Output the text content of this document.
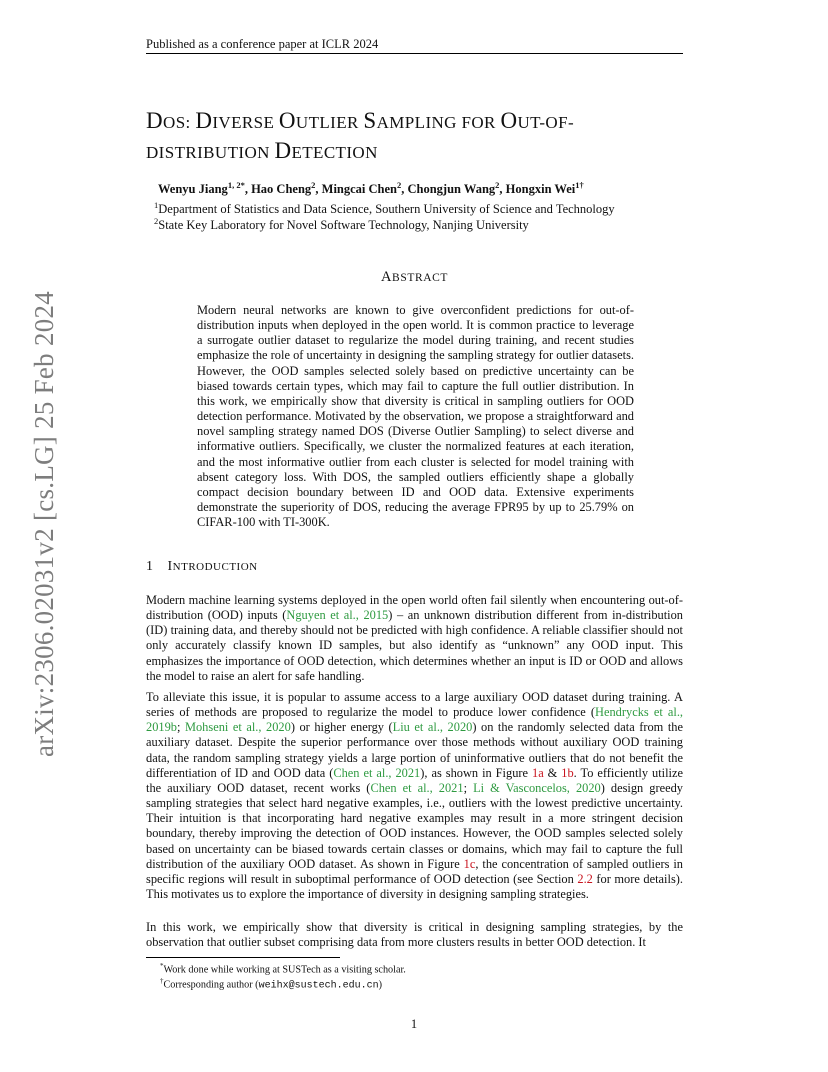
Published as a conference paper at ICLR 2024
arXiv:2306.02031v2 [cs.LG] 25 Feb 2024
DOS: DIVERSE OUTLIER SAMPLING FOR OUT-OF-
DISTRIBUTION DETECTION
Wenyu Jiang$^{1, 2*}$, Hao Cheng$^2$, Mingcai Chen$^2$, Chongjun Wang$^2$, Hongxin Wei$^{1\dagger}$
$^1$Department of Statistics and Data Science, Southern University of Science and Technology
$^2$State Key Laboratory for Novel Software Technology, Nanjing University
ABSTRACT

Modern neural networks are known to give overconfident predictions for out-of-distribution inputs when deployed in the open world. It is common practice to leverage a surrogate outlier dataset to regularize the model during training, and recent studies emphasize the role of uncertainty in designing the sampling strategy for outlier datasets. However, the OOD samples selected solely based on predictive uncertainty can be biased towards certain types, which may fail to capture the full outlier distribution. In this work, we empirically show that diversity is critical in sampling outliers for OOD detection performance. Motivated by the observation, we propose a straightforward and novel sampling strategy named DOS (Diverse Outlier Sampling) to select diverse and informative outliers. Specifically, we cluster the normalized features at each iteration, and the most informative outlier from each cluster is selected for model training with absent category loss. With DOS, the sampled outliers efficiently shape a globally compact decision boundary between ID and OOD data. Extensive experiments demonstrate the superiority of DOS, reducing the average FPR95 by up to 25.79% on CIFAR-100 with TI-300K.

1 INTRODUCTION

Modern machine learning systems deployed in the open world often fail silently when encountering out-of-distribution (OOD) inputs (Nguyen et al., 2015) – an unknown distribution different from in-distribution (ID) training data, and thereby should not be predicted with high confidence. A reliable classifier should not only accurately classify known ID samples, but also identify as “unknown” any OOD input. This emphasizes the importance of OOD detection, which determines whether an input is ID or OOD and allows the model to raise an alert for safe handling.

To alleviate this issue, it is popular to assume access to a large auxiliary OOD dataset during training. A series of methods are proposed to regularize the model to produce lower confidence (Hendrycks et al., 2019b; Mohseni et al., 2020) or higher energy (Liu et al., 2020) on the randomly selected data from the auxiliary dataset. Despite the superior performance over those methods without auxiliary OOD training data, the random sampling strategy yields a large portion of uninformative outliers that do not benefit the differentiation of ID and OOD data (Chen et al., 2021), as shown in Figure 1a & 1b. To efficiently utilize the auxiliary OOD dataset, recent works (Chen et al., 2021; Li & Vasconcelos, 2020) design greedy sampling strategies that select hard negative examples, i.e., outliers with the lowest predictive uncertainty. Their intuition is that incorporating hard negative examples may result in a more stringent decision boundary, thereby improving the detection of OOD instances. However, the OOD samples selected solely based on uncertainty can be biased towards certain classes or domains, which may fail to capture the full distribution of the auxiliary OOD dataset. As shown in Figure 1c, the concentration of sampled outliers in specific regions will result in suboptimal performance of OOD detection (see Section 2.2 for more details). This motivates us to explore the importance of diversity in designing sampling strategies.

In this work, we empirically show that diversity is critical in designing sampling strategies, by the observation that outlier subset comprising data from more clusters results in better OOD detection. It

*Work done while working at SUSTech as a visiting scholar.
†Corresponding author (weihx@sustech.edu.cn)
1
